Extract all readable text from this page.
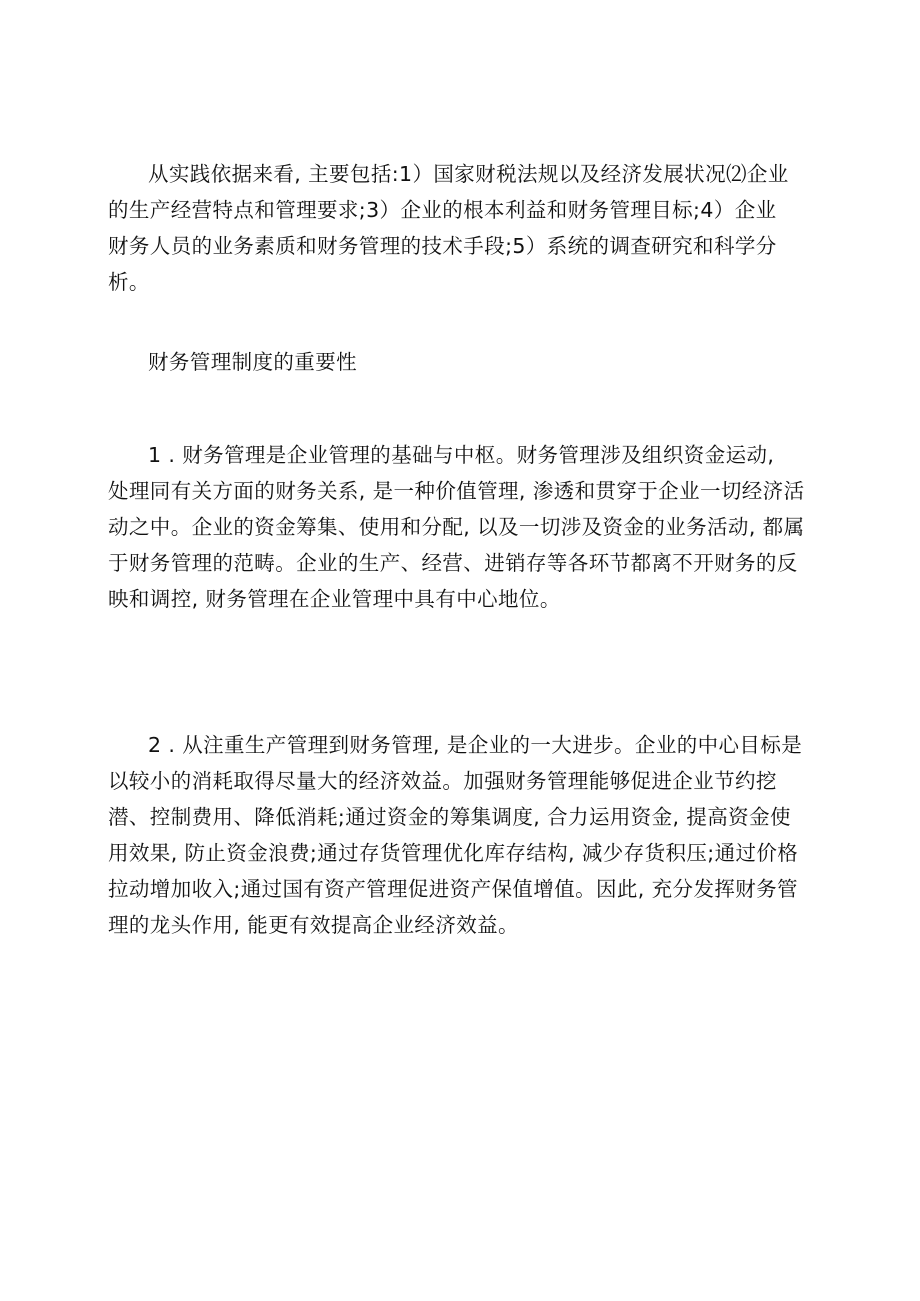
从实践依据来看, 主要包括:1）国家财税法规以及经济发展状况⑵企业
的生产经营特点和管理要求;3）企业的根本利益和财务管理目标;4）企业
财务人员的业务素质和财务管理的技术手段;5）系统的调查研究和科学分
析。
财务管理制度的重要性
1 . 财务管理是企业管理的基础与中枢。财务管理涉及组织资金运动,
处理同有关方面的财务关系, 是一种价值管理, 渗透和贯穿于企业一切经济活
动之中。企业的资金筹集、使用和分配, 以及一切涉及资金的业务活动, 都属
于财务管理的范畴。企业的生产、经营、进销存等各环节都离不开财务的反
映和调控, 财务管理在企业管理中具有中心地位。
2 . 从注重生产管理到财务管理, 是企业的一大进步。企业的中心目标是
以较小的消耗取得尽量大的经济效益。加强财务管理能够促进企业节约挖
潜、控制费用、降低消耗;通过资金的筹集调度, 合力运用资金, 提高资金使
用效果, 防止资金浪费;通过存货管理优化库存结构, 减少存货积压;通过价格
拉动增加收入;通过国有资产管理促进资产保值增值。因此, 充分发挥财务管
理的龙头作用, 能更有效提高企业经济效益。
